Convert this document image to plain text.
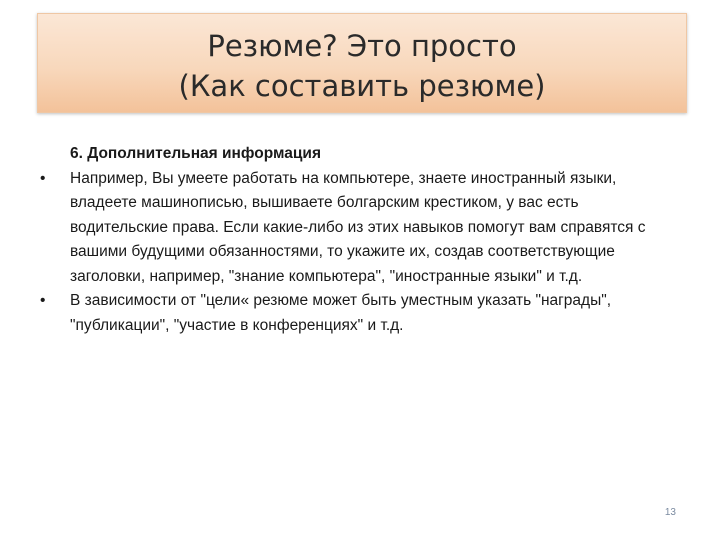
Резюме? Это просто
(Как составить резюме)
6. Дополнительная информация
• Например, Вы умеете работать на компьютере, знаете иностранный языки, владеете машинописью, вышиваете болгарским крестиком, у вас есть водительские права. Если какие-либо из этих навыков помогут вам справятся с вашими будущими обязанностями, то укажите их, создав соответствующие заголовки, например, "знание компьютера", "иностранные языки" и т.д.
• В зависимости от "цели« резюме может быть уместным указать "награды", "публикации", "участие в конференциях" и т.д.
13
